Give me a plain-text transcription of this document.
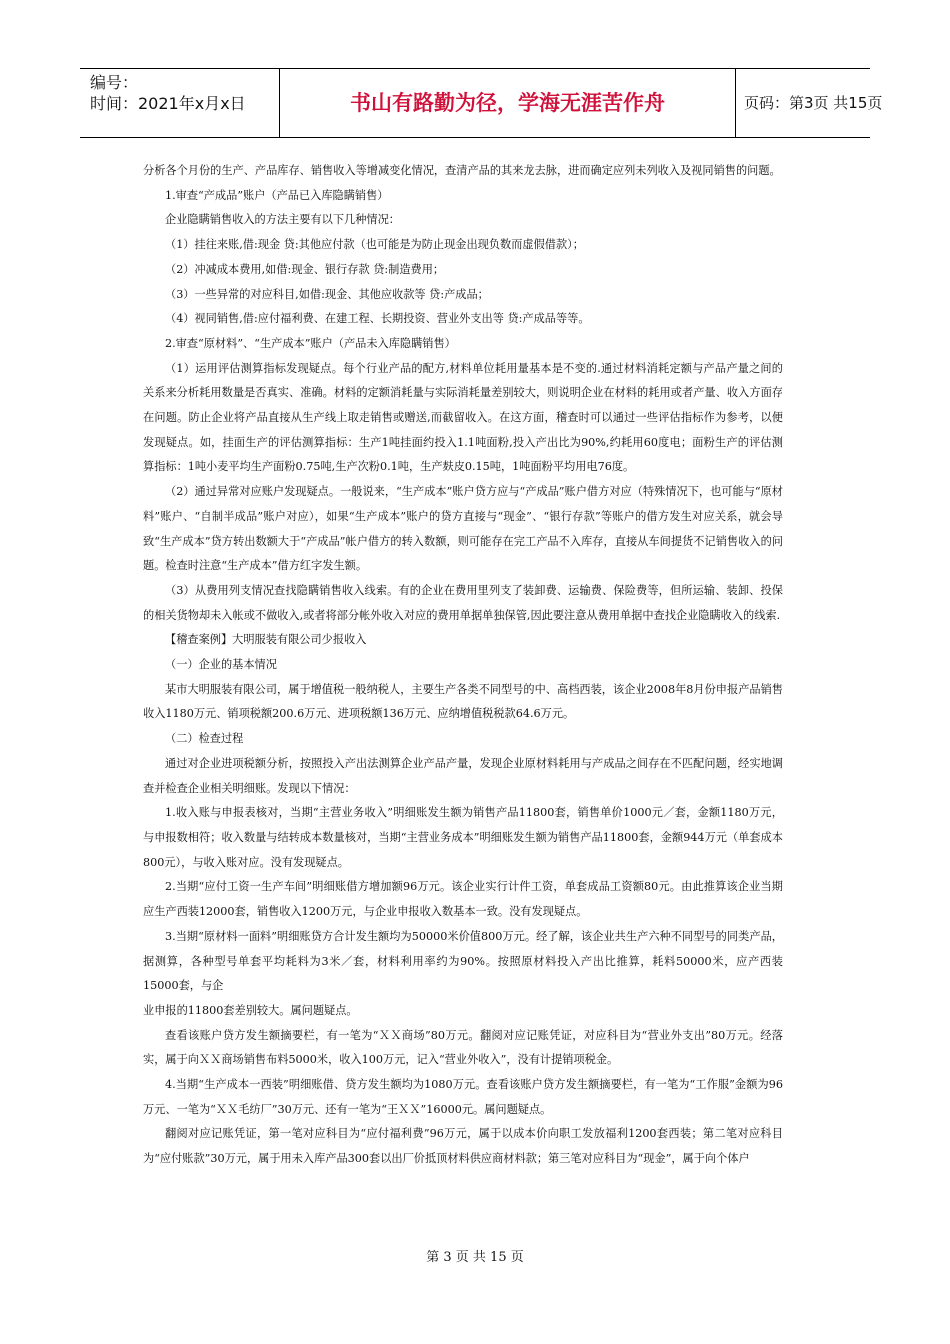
编号：
时间：2021年x月x日	书山有路勤为径，学海无涯苦作舟	页码：第3页 共15页

分析各个月份的生产、产品库存、销售收入等增减变化情况，查清产品的其来龙去脉，进而确定应列未列收入及视同销售的问题。

1.审查“产成品”账户（产品已入库隐瞒销售）

企业隐瞒销售收入的方法主要有以下几种情况：

（1）挂往来账,借:现金 贷:其他应付款（也可能是为防止现金出现负数而虚假借款）；

（2）冲减成本费用,如借:现金、银行存款 贷:制造费用；

（3）一些异常的对应科目,如借:现金、其他应收款等 贷:产成品；

（4）视同销售,借:应付福利费、在建工程、长期投资、营业外支出等 贷:产成品等等。

2.审查“原材料”、“生产成本”账户（产品未入库隐瞒销售）

（1）运用评估测算指标发现疑点。每个行业产品的配方,材料单位耗用量基本是不变的.通过材料消耗定额与产品产量之间的关系来分析耗用数量是否真实、准确。材料的定额消耗量与实际消耗量差别较大，则说明企业在材料的耗用或者产量、收入方面存在问题。防止企业将产品直接从生产线上取走销售或赠送,而截留收入。在这方面，稽查时可以通过一些评估指标作为参考，以便发现疑点。如，挂面生产的评估测算指标：生产1吨挂面约投入1.1吨面粉,投入产出比为90%,约耗用60度电；面粉生产的评估测算指标：1吨小麦平均生产面粉0.75吨,生产次粉0.1吨，生产麸皮0.15吨，1吨面粉平均用电76度。

（2）通过异常对应账户发现疑点。一般说来，“生产成本”账户贷方应与“产成品”账户借方对应（特殊情况下，也可能与“原材料”账户、“自制半成品”账户对应），如果“生产成本”账户的贷方直接与“现金”、“银行存款”等账户的借方发生对应关系，就会导致“生产成本”贷方转出数额大于“产成品”帐户借方的转入数额，则可能存在完工产品不入库存，直接从车间提货不记销售收入的问题。检查时注意“生产成本”借方红字发生额。

（3）从费用列支情况查找隐瞒销售收入线索。有的企业在费用里列支了装卸费、运输费、保险费等，但所运输、装卸、投保的相关货物却未入帐或不做收入,或者将部分帐外收入对应的费用单据单独保管,因此要注意从费用单据中查找企业隐瞒收入的线索.

【稽查案例】大明服装有限公司少报收入

（一）企业的基本情况

某市大明服装有限公司，属于增值税一般纳税人，主要生产各类不同型号的中、高档西装，该企业2008年8月份申报产品销售收入1180万元、销项税额200.6万元、进项税额136万元、应纳增值税税款64.6万元。

（二）检查过程

通过对企业进项税额分析，按照投入产出法测算企业产品产量，发现企业原材料耗用与产成品之间存在不匹配问题，经实地调查并检查企业相关明细账。发现以下情况：

1.收入账与申报表核对，当期“主营业务收入”明细账发生额为销售产品11800套，销售单价1000元／套，金额1180万元，与申报数相符；收入数量与结转成本数量核对，当期“主营业务成本”明细账发生额为销售产品11800套，金额944万元（单套成本800元），与收入账对应。没有发现疑点。

2.当期“应付工资一生产车间”明细账借方增加额96万元。该企业实行计件工资，单套成品工资额80元。由此推算该企业当期应生产西装12000套，销售收入1200万元，与企业申报收入数基本一致。没有发现疑点。

3.当期“原材料一面料”明细账贷方合计发生额均为50000米价值800万元。经了解，该企业共生产六种不同型号的同类产品，据测算，各种型号单套平均耗料为3米／套，材料利用率约为90%。按照原材料投入产出比推算，耗料50000米，应产西装15000套，与企

业申报的11800套差别较大。属问题疑点。

查看该账户贷方发生额摘要栏，有一笔为“ＸＸ商场”80万元。翻阅对应记账凭证，对应科目为“营业外支出”80万元。经落实，属于向ＸＸ商场销售布料5000米，收入100万元，记入“营业外收入”，没有计提销项税金。

4.当期“生产成本一西装”明细账借、贷方发生额均为1080万元。查看该账户贷方发生额摘要栏，有一笔为“工作服”金额为96万元、一笔为“ＸＸ毛纺厂”30万元、还有一笔为“王ＸＸ”16000元。属问题疑点。

翻阅对应记账凭证，第一笔对应科目为“应付福利费”96万元，属于以成本价向职工发放福利1200套西装；第二笔对应科目为“应付账款”30万元，属于用未入库产品300套以出厂价抵顶材料供应商材料款；第三笔对应科目为“现金”，属于向个体户

第 3 页 共 15 页
